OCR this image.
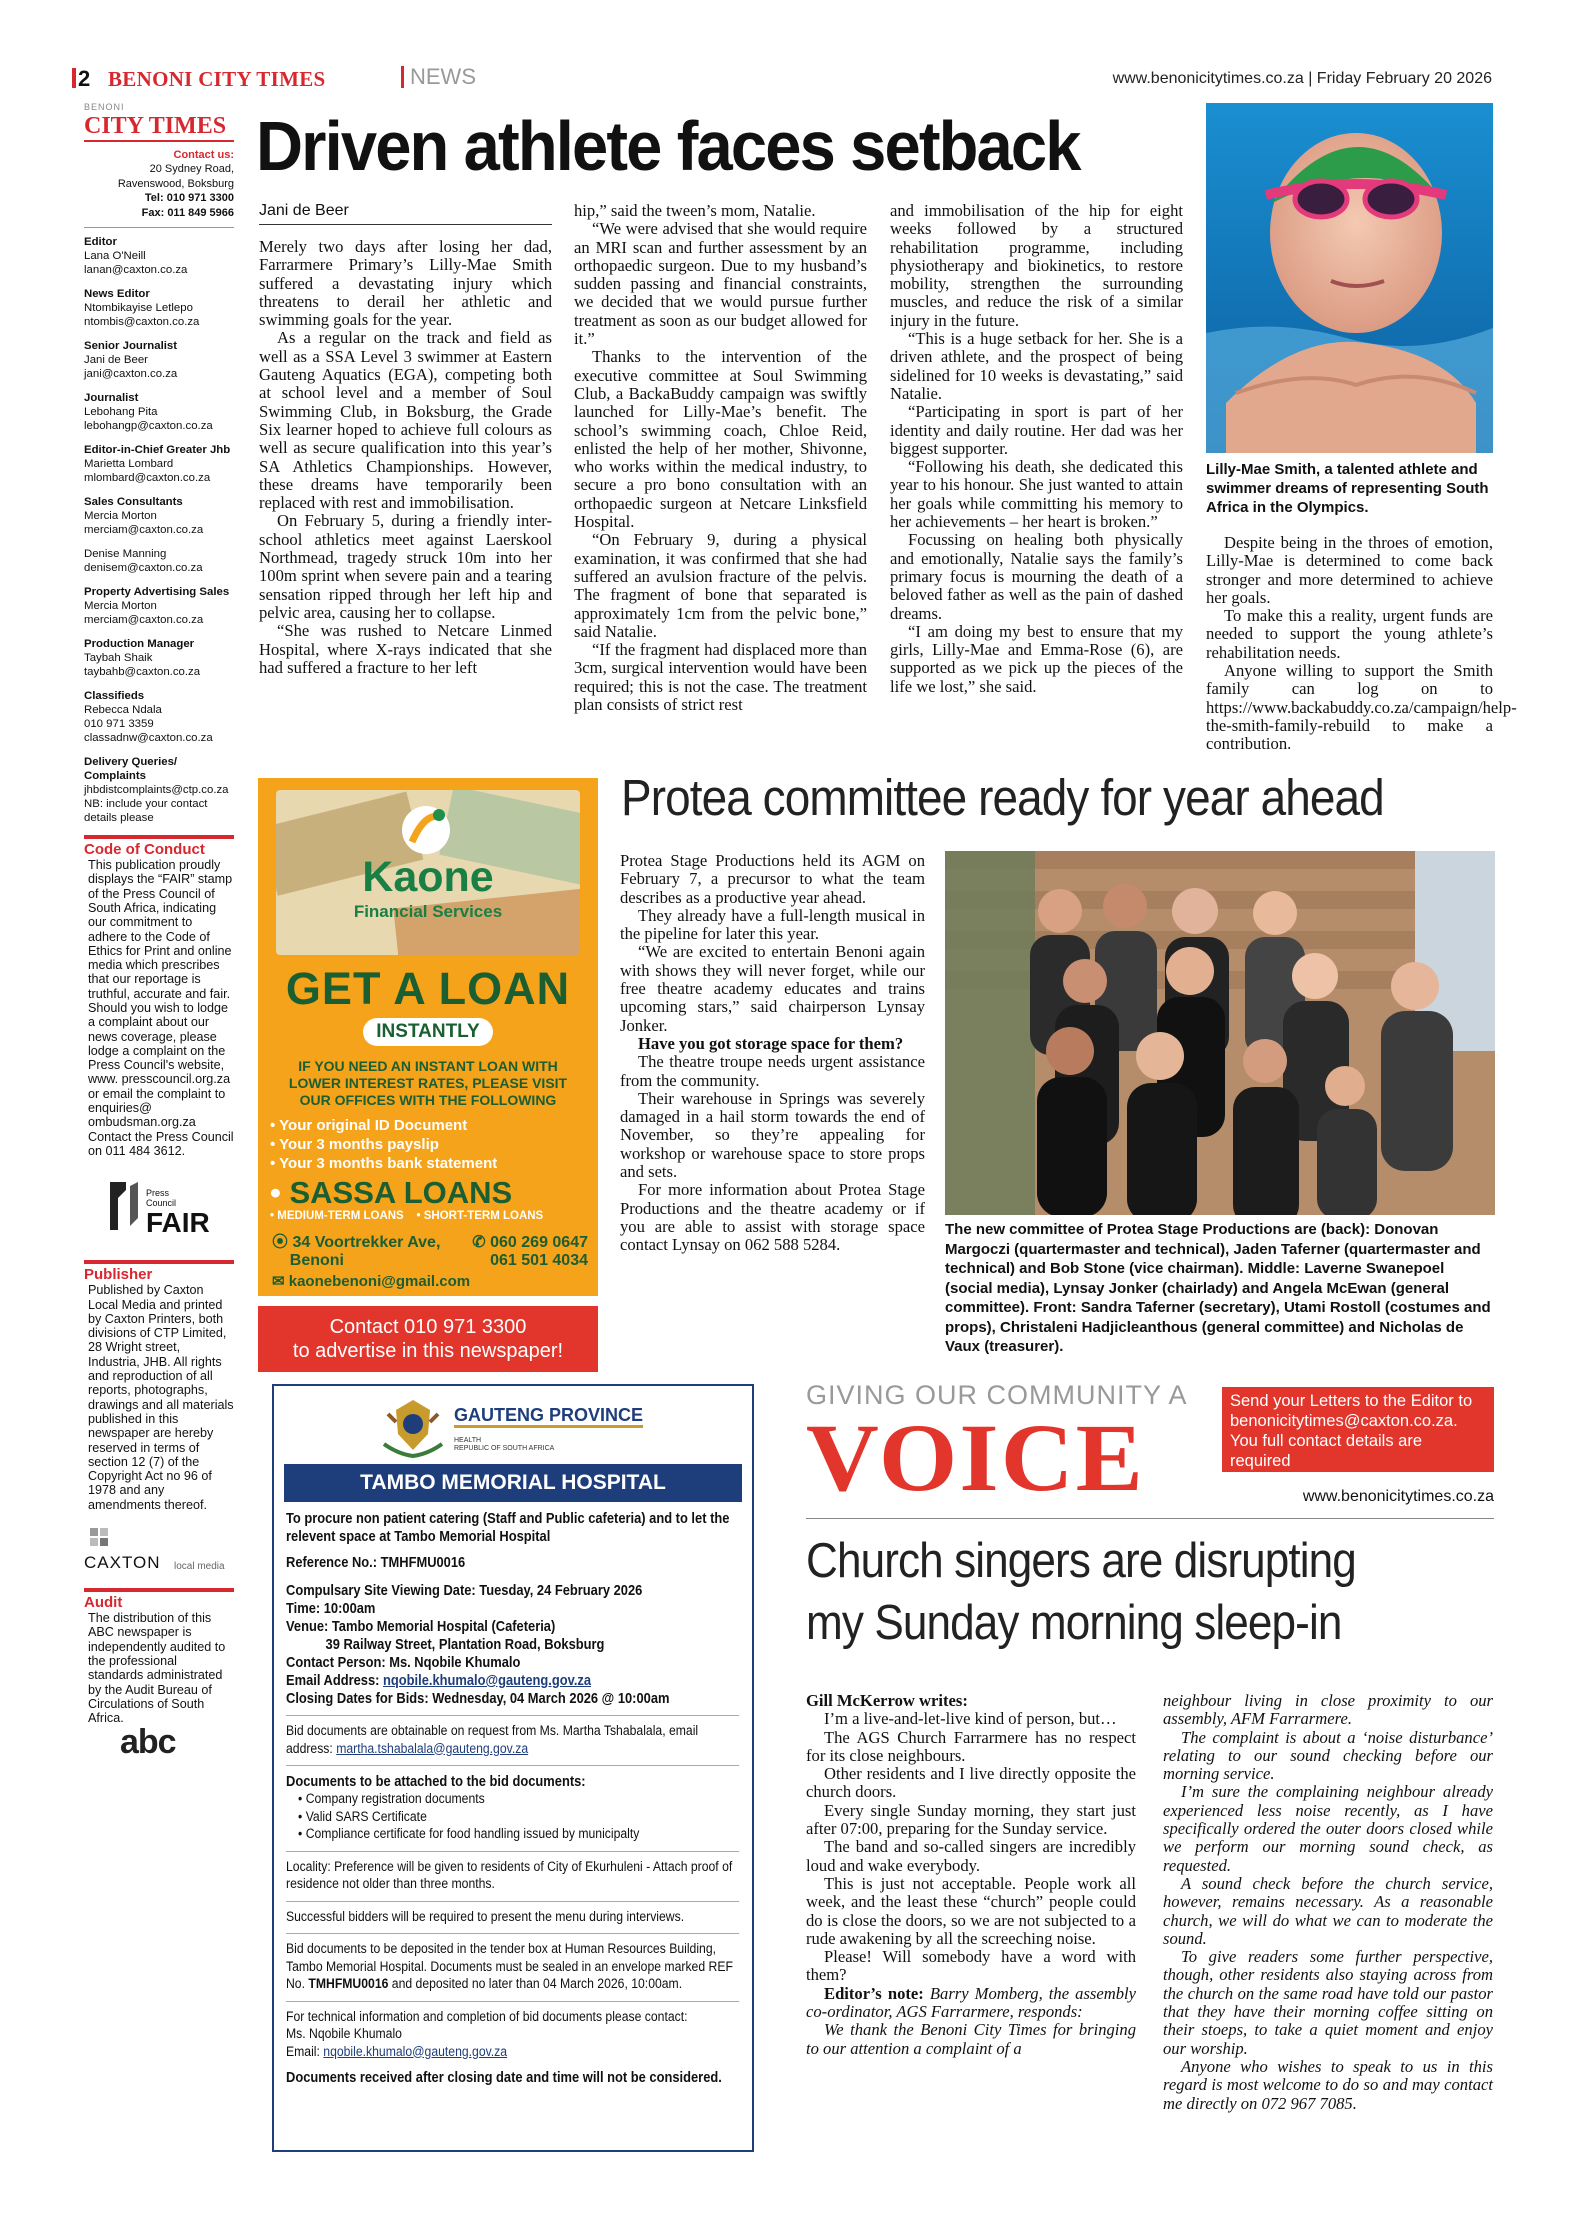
2 BENONI CITY TIMES	NEWS	www.benonicitytimes.co.za | Friday February 20 2026
BENONI
CITY TIMES
Contact us:
20 Sydney Road,
Ravenswood, Boksburg
Tel: 010 971 3300
Fax: 011 849 5966
Editor
Lana O'Neill
lanan@caxton.co.za
News Editor
Ntombikayise Letlepo
ntombis@caxton.co.za
Senior Journalist
Jani de Beer
jani@caxton.co.za
Journalist
Lebohang Pita
lebohangp@caxton.co.za
Editor-in-Chief Greater Jhb
Marietta Lombard
mlombard@caxton.co.za
Sales Consultants
Mercia Morton
merciam@caxton.co.za
Denise Manning
denisem@caxton.co.za
Property Advertising Sales
Mercia Morton
merciam@caxton.co.za
Production Manager
Taybah Shaik
taybahb@caxton.co.za
Classifieds
Rebecca Ndala
010 971 3359
classadnw@caxton.co.za
Delivery Queries/ Complaints
jhbdistcomplaints@ctp.co.za
NB: include your contact details please
Code of Conduct

This publication proudly displays the “FAIR” stamp of the Press Council of South Africa, indicating our commitment to adhere to the Code of Ethics for Print and online media which prescribes that our reportage is truthful, accurate and fair. Should you wish to lodge a complaint about our news coverage, please lodge a complaint on the Press Council's website, www. presscouncil.org.za or email the complaint to enquiries@ ombudsman.org.za Contact the Press Council on 011 484 3612.

Press Council
FAIR
Publisher

Published by Caxton Local Media and printed by Caxton Printers, both divisions of CTP Limited, 28 Wright street, Industria, JHB. All rights and reproduction of all reports, photographs, drawings and all materials published in this newspaper are hereby reserved in terms of section 12 (7) of the Copyright Act no 96 of 1978 and any amendments thereof.

CAXTON local media
Audit

The distribution of this ABC newspaper is independently audited to the professional standards administrated by the Audit Bureau of Circulations of South Africa.

abc
Driven athlete faces setback
Jani de Beer

Merely two days after losing her dad, Farrarmere Primary’s Lilly-Mae Smith suffered a devastating injury which threatens to derail her athletic and swimming goals for the year.

As a regular on the track and field as well as a SSA Level 3 swimmer at Eastern Gauteng Aquatics (EGA), competing both at school level and a member of Soul Swimming Club, in Boksburg, the Grade Six learner hoped to achieve full colours as well as secure qualification into this year’s SA Athletics Championships. However, these dreams have temporarily been replaced with rest and immobilisation.

On February 5, during a friendly inter-school athletics meet against Laerskool Northmead, tragedy struck 10m into her 100m sprint when severe pain and a tearing sensation ripped through her left hip and pelvic area, causing her to collapse.

“She was rushed to Netcare Linmed Hospital, where X-rays indicated that she had suffered a fracture to her left

hip,” said the tween’s mom, Natalie.

“We were advised that she would require an MRI scan and further assessment by an orthopaedic surgeon. Due to my husband’s sudden passing and financial constraints, we decided that we would pursue further treatment as soon as our budget allowed for it.”

Thanks to the intervention of the executive committee at Soul Swimming Club, a BackaBuddy campaign was swiftly launched for Lilly-Mae’s benefit. The school’s swimming coach, Chloe Reid, enlisted the help of her mother, Shivonne, who works within the medical industry, to secure a pro bono consultation with an orthopaedic surgeon at Netcare Linksfield Hospital.

“On February 9, during a physical examination, it was confirmed that she had suffered an avulsion fracture of the pelvis. The fragment of bone that separated is approximately 1cm from the pelvic bone,” said Natalie.

“If the fragment had displaced more than 3cm, surgical intervention would have been required; this is not the case. The treatment plan consists of strict rest

and immobilisation of the hip for eight weeks followed by a structured rehabilitation programme, including physiotherapy and biokinetics, to restore mobility, strengthen the surrounding muscles, and reduce the risk of a similar injury in the future.

“This is a huge setback for her. She is a driven athlete, and the prospect of being sidelined for 10 weeks is devastating,” said Natalie.

“Participating in sport is part of her identity and daily routine. Her dad was her biggest supporter.

“Following his death, she dedicated this year to his honour. She just wanted to attain her goals while committing his memory to her achievements – her heart is broken.”

Focussing on healing both physically and emotionally, Natalie says the family’s primary focus is mourning the death of a beloved father as well as the pain of dashed dreams.

“I am doing my best to ensure that my girls, Lilly-Mae and Emma-Rose (6), are supported as we pick up the pieces of the life we lost,” she said.

Lilly-Mae Smith, a talented athlete and swimmer dreams of representing South Africa in the Olympics.

Despite being in the throes of emotion, Lilly-Mae is determined to come back stronger and more determined to achieve her goals.

To make this a reality, urgent funds are needed to support the young athlete’s rehabilitation needs.

Anyone willing to support the Smith family can log on to https://www.backabuddy.co.za/campaign/help-the-smith-family-rebuild to make a contribution.

Kaone
Financial Services
GET A LOAN
INSTANTLY
IF YOU NEED AN INSTANT LOAN WITH LOWER INTEREST RATES, PLEASE VISIT OUR OFFICES WITH THE FOLLOWING
• Your original ID Document
• Your 3 months payslip
• Your 3 months bank statement
• SASSA LOANS
• MEDIUM-TERM LOANS    • SHORT-TERM LOANS
⦿ 34 Voortrekker Ave,
Benoni
✆ 060 269 0647
061 501 4034
✉ kaonebenoni@gmail.com
Contact 010 971 3300
to advertise in this newspaper!
Protea committee ready for year ahead

Protea Stage Productions held its AGM on February 7, a precursor to what the team describes as a productive year ahead.

They already have a full-length musical in the pipeline for later this year.

“We are excited to entertain Benoni again with shows they will never forget, while our free theatre academy educates and trains upcoming stars,” said chairperson Lynsay Jonker.

Have you got storage space for them?

The theatre troupe needs urgent assistance from the community.

Their warehouse in Springs was severely damaged in a hail storm towards the end of November, so they’re appealing for workshop or warehouse space to store props and sets.

For more information about Protea Stage Productions and the theatre academy or if you are able to assist with storage space contact Lynsay on 062 588 5284.

The new committee of Protea Stage Productions are (back): Donovan Margoczi (quartermaster and technical), Jaden Taferner (quartermaster and technical) and Bob Stone (vice chairman). Middle: Laverne Swanepoel (social media), Lynsay Jonker (chairlady) and Angela McEwan (general committee). Front: Sandra Taferner (secretary), Utami Rostoll (costumes and props), Christaleni Hadjicleanthous (general committee) and Nicholas de Vaux (treasurer).
GAUTENG PROVINCE
HEALTH
REPUBLIC OF SOUTH AFRICA
TAMBO MEMORIAL HOSPITAL
To procure non patient catering (Staff and Public cafeteria) and to let the relevent space at Tambo Memorial Hospital
Reference No.: TMHFMU0016
Compulsary Site Viewing Date: Tuesday, 24 February 2026
Time: 10:00am
Venue: Tambo Memorial Hospital (Cafeteria)
39 Railway Street, Plantation Road, Boksburg
Contact Person: Ms. Nqobile Khumalo
Email Address: nqobile.khumalo@gauteng.gov.za
Closing Dates for Bids: Wednesday, 04 March 2026 @ 10:00am
Bid documents are obtainable on request from Ms. Martha Tshabalala, email address: martha.tshabalala@gauteng.gov.za
Documents to be attached to the bid documents:
• Company registration documents
• Valid SARS Certificate
• Compliance certificate for food handling issued by municipalty
Locality: Preference will be given to residents of City of Ekurhuleni - Attach proof of residence not older than three months.
Successful bidders will be required to present the menu during interviews.
Bid documents to be deposited in the tender box at Human Resources Building, Tambo Memorial Hospital. Documents must be sealed in an envelope marked REF No. TMHFMU0016 and deposited no later than 04 March 2026, 10:00am.
For technical information and completion of bid documents please contact:
Ms. Nqobile Khumalo
Email: nqobile.khumalo@gauteng.gov.za
Documents received after closing date and time will not be considered.
GIVING OUR COMMUNITY A
VOICE
Send your Letters to the Editor to
benonicitytimes@caxton.co.za.
You full contact details are required
even if using a pseudonym.
www.benonicitytimes.co.za
Church singers are disrupting
my Sunday morning sleep-in

Gill McKerrow writes:

I’m a live-and-let-live kind of person, but…

The AGS Church Farrarmere has no respect for its close neighbours.

Other residents and I live directly opposite the church doors.

Every single Sunday morning, they start just after 07:00, preparing for the Sunday service.

The band and so-called singers are incredibly loud and wake everybody.

This is just not acceptable. People work all week, and the least these “church” people could do is close the doors, so we are not subjected to a rude awakening by all the screeching noise.

Please! Will somebody have a word with them?

Editor’s note: Barry Momberg, the assembly co-ordinator, AGS Farrarmere, responds:

We thank the Benoni City Times for bringing to our attention a complaint of a

neighbour living in close proximity to our assembly, AFM Farrarmere.

The complaint is about a ‘noise disturbance’ relating to our sound checking before our morning service.

I’m sure the complaining neighbour already experienced less noise recently, as I have specifically ordered the outer doors closed while we perform our morning sound check, as requested.

A sound check before the church service, however, remains necessary. As a reasonable church, we will do what we can to moderate the sound.

To give readers some further perspective, though, other residents also staying across from the church on the same road have told our pastor that they have their morning coffee sitting on their stoeps, to take a quiet moment and enjoy our worship.

Anyone who wishes to speak to us in this regard is most welcome to do so and may contact me directly on 072 967 7085.
